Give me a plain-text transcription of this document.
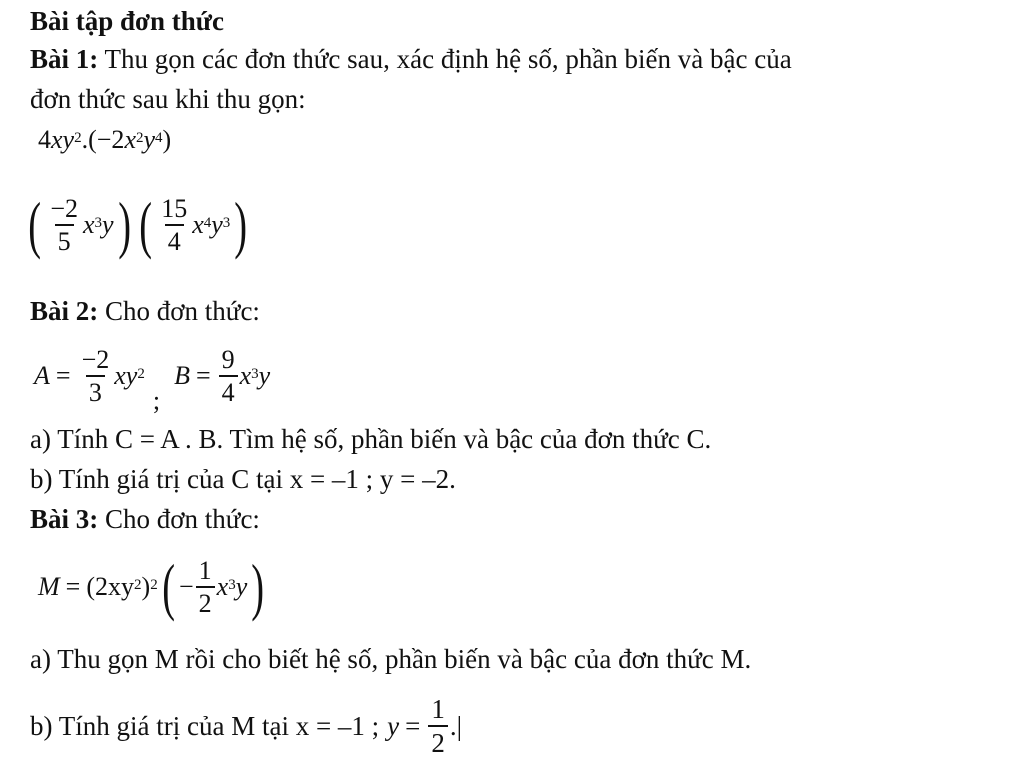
Bài tập đơn thức
Bài 1: Thu gọn các đơn thức sau, xác định hệ số, phần biến và bậc của
đơn thức sau khi thu gọn:
4 $xy^2$ .( −2 $x^2$ $y^4$ )
( $\frac{-2}{5} x^3$ y ) ( $\frac{15}{4} x^4$ $y^3$ )
Bài 2: Cho đơn thức:
$A = \frac{-2}{3} xy^2$
;
$B = \frac{9}{4} x^3$ y
a) Tính C = A . B. Tìm hệ số, phần biến và bậc của đơn thức C.
b) Tính giá trị của C tại x = –1 ; y = –2.
Bài 3: Cho đơn thức:
$M = (2xy^2$ )$^2$ ( − $\frac{1}{2} x^3$ y )
a) Thu gọn M rồi cho biết hệ số, phần biến và bậc của đơn thức M.
b) Tính giá trị của M tại x = –1 ; $y = \frac{1}{2}$ .|
